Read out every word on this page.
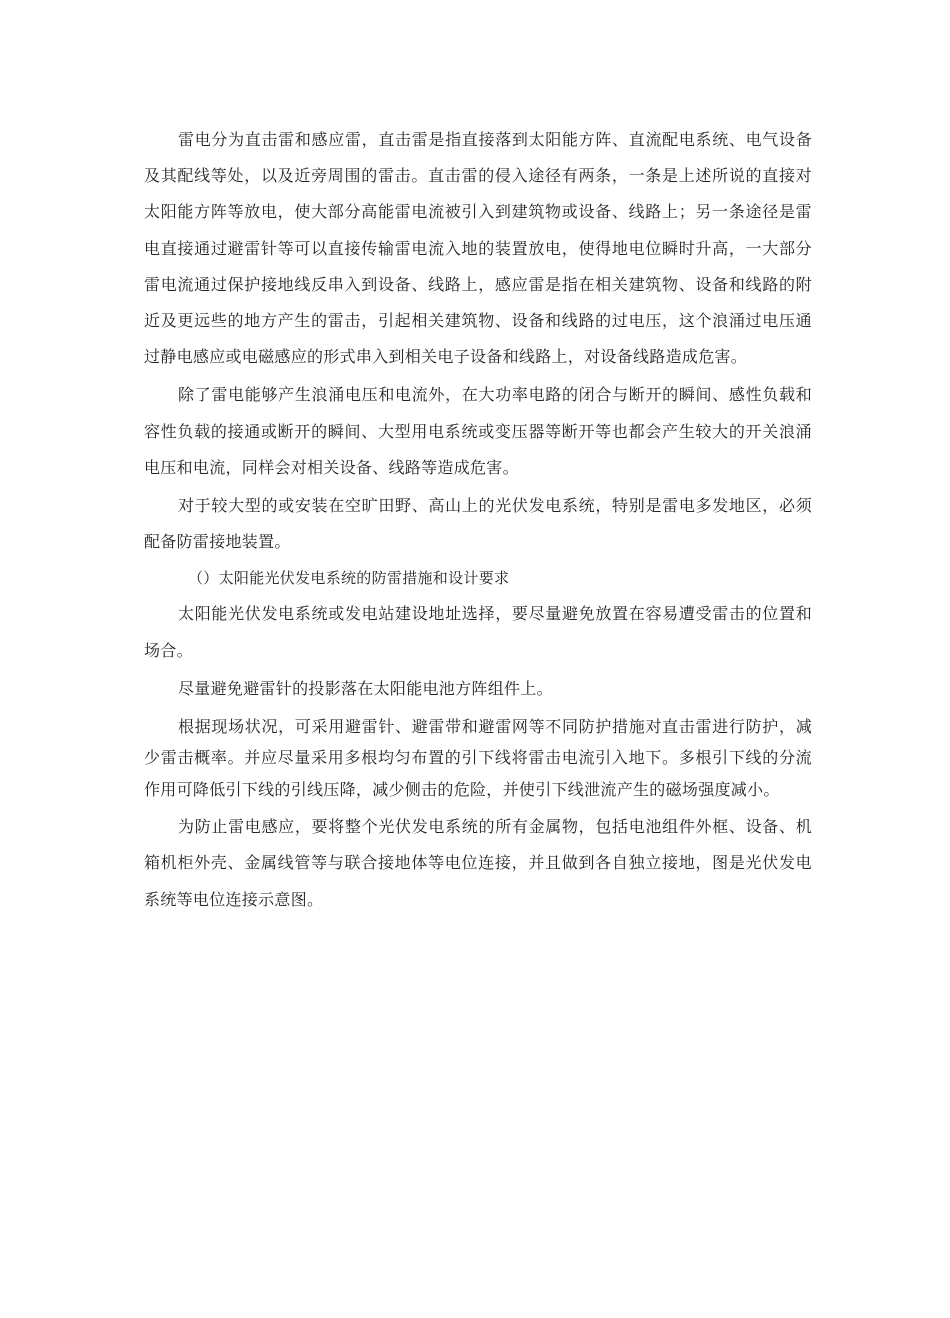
雷电分为直击雷和感应雷，直击雷是指直接落到太阳能方阵、直流配电系统、电气设备及其配线等处，以及近旁周围的雷击。直击雷的侵入途径有两条，一条是上述所说的直接对太阳能方阵等放电，使大部分高能雷电流被引入到建筑物或设备、线路上；另一条途径是雷电直接通过避雷针等可以直接传输雷电流入地的装置放电，使得地电位瞬时升高，一大部分雷电流通过保护接地线反串入到设备、线路上，感应雷是指在相关建筑物、设备和线路的附近及更远些的地方产生的雷击，引起相关建筑物、设备和线路的过电压，这个浪涌过电压通过静电感应或电磁感应的形式串入到相关电子设备和线路上，对设备线路造成危害。

除了雷电能够产生浪涌电压和电流外，在大功率电路的闭合与断开的瞬间、感性负载和容性负载的接通或断开的瞬间、大型用电系统或变压器等断开等也都会产生较大的开关浪涌电压和电流，同样会对相关设备、线路等造成危害。

对于较大型的或安装在空旷田野、高山上的光伏发电系统，特别是雷电多发地区，必须配备防雷接地装置。

（）太阳能光伏发电系统的防雷措施和设计要求

太阳能光伏发电系统或发电站建设地址选择，要尽量避免放置在容易遭受雷击的位置和场合。

尽量避免避雷针的投影落在太阳能电池方阵组件上。

根据现场状况，可采用避雷针、避雷带和避雷网等不同防护措施对直击雷进行防护，减少雷击概率。并应尽量采用多根均匀布置的引下线将雷击电流引入地下。多根引下线的分流作用可降低引下线的引线压降，减少侧击的危险，并使引下线泄流产生的磁场强度减小。

为防止雷电感应，要将整个光伏发电系统的所有金属物，包括电池组件外框、设备、机箱机柜外壳、金属线管等与联合接地体等电位连接，并且做到各自独立接地，图是光伏发电系统等电位连接示意图。
